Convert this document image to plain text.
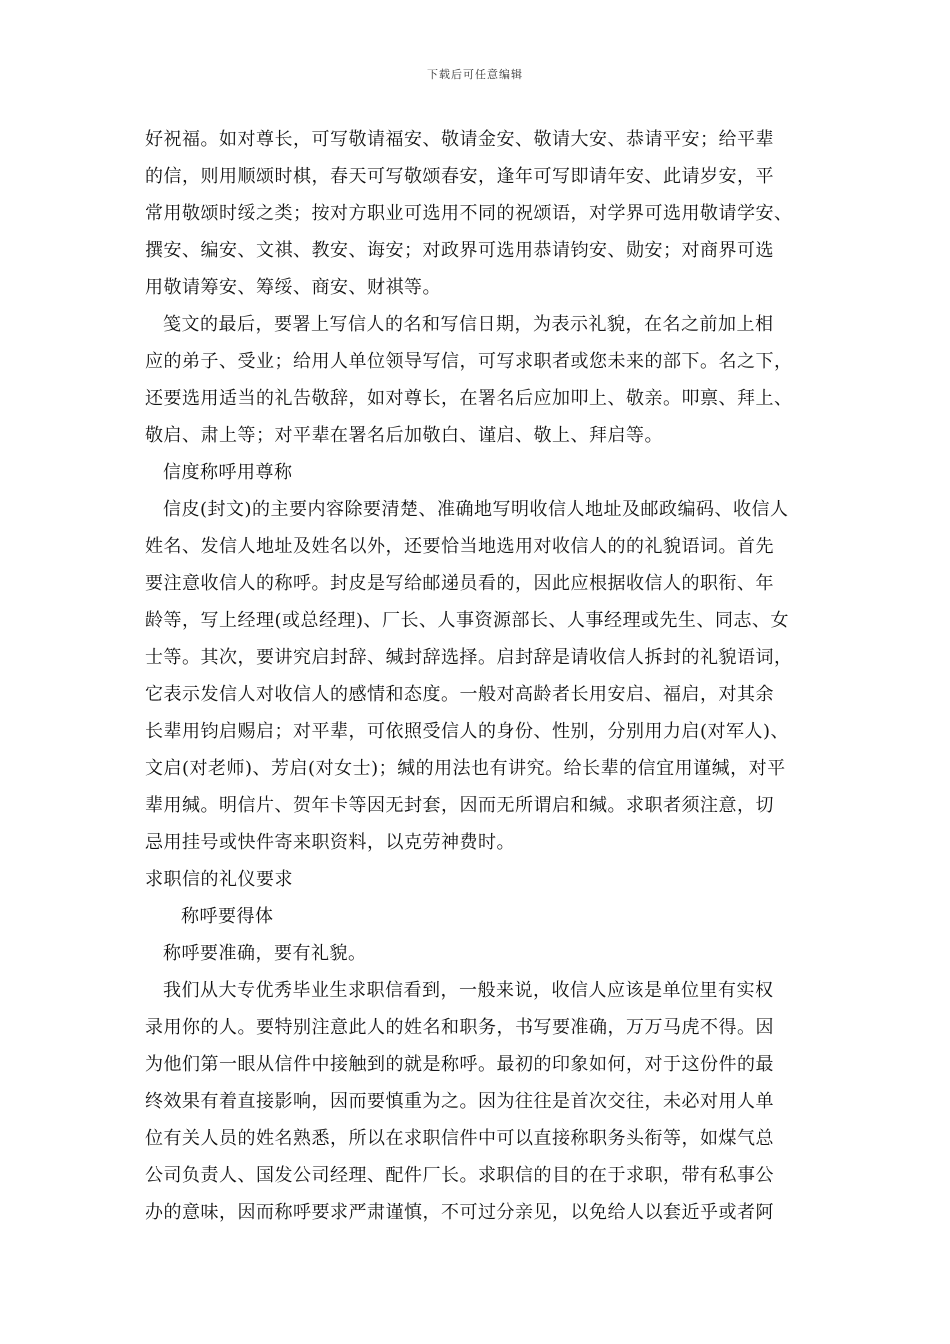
下载后可任意编辑
好祝福。如对尊长，可写敬请福安、敬请金安、敬请大安、恭请平安；给平辈
的信，则用顺颂时棋，春天可写敬颂春安，逢年可写即请年安、此请岁安，平
常用敬颂时绥之类；按对方职业可选用不同的祝颂语，对学界可选用敬请学安、
撰安、编安、文祺、教安、诲安；对政界可选用恭请钧安、勋安；对商界可选
用敬请筹安、筹绥、商安、财祺等。
笺文的最后，要署上写信人的名和写信日期，为表示礼貌，在名之前加上相
应的弟子、受业；给用人单位领导写信，可写求职者或您未来的部下。名之下，
还要选用适当的礼告敬辞，如对尊长，在署名后应加叩上、敬亲。叩禀、拜上、
敬启、肃上等；对平辈在署名后加敬白、谨启、敬上、拜启等。
信度称呼用尊称
信皮(封文)的主要内容除要清楚、准确地写明收信人地址及邮政编码、收信人
姓名、发信人地址及姓名以外，还要恰当地选用对收信人的的礼貌语词。首先
要注意收信人的称呼。封皮是写给邮递员看的，因此应根据收信人的职衔、年
龄等，写上经理(或总经理)、厂长、人事资源部长、人事经理或先生、同志、女
士等。其次，要讲究启封辞、缄封辞选择。启封辞是请收信人拆封的礼貌语词，
它表示发信人对收信人的感情和态度。一般对高龄者长用安启、福启，对其余
长辈用钧启赐启；对平辈，可依照受信人的身份、性别，分别用力启(对军人)、
文启(对老师)、芳启(对女士)；缄的用法也有讲究。给长辈的信宜用谨缄，对平
辈用缄。明信片、贺年卡等因无封套，因而无所谓启和缄。求职者须注意，切
忌用挂号或快件寄来职资料，以克劳神费时。
求职信的礼仪要求
称呼要得体
称呼要准确，要有礼貌。
我们从大专优秀毕业生求职信看到，一般来说，收信人应该是单位里有实权
录用你的人。要特别注意此人的姓名和职务，书写要准确，万万马虎不得。因
为他们第一眼从信件中接触到的就是称呼。最初的印象如何，对于这份件的最
终效果有着直接影响，因而要慎重为之。因为往往是首次交往，未必对用人单
位有关人员的姓名熟悉，所以在求职信件中可以直接称职务头衔等，如煤气总
公司负责人、国发公司经理、配件厂长。求职信的目的在于求职，带有私事公
办的意味，因而称呼要求严肃谨慎，不可过分亲见，以免给人以套近乎或者阿
